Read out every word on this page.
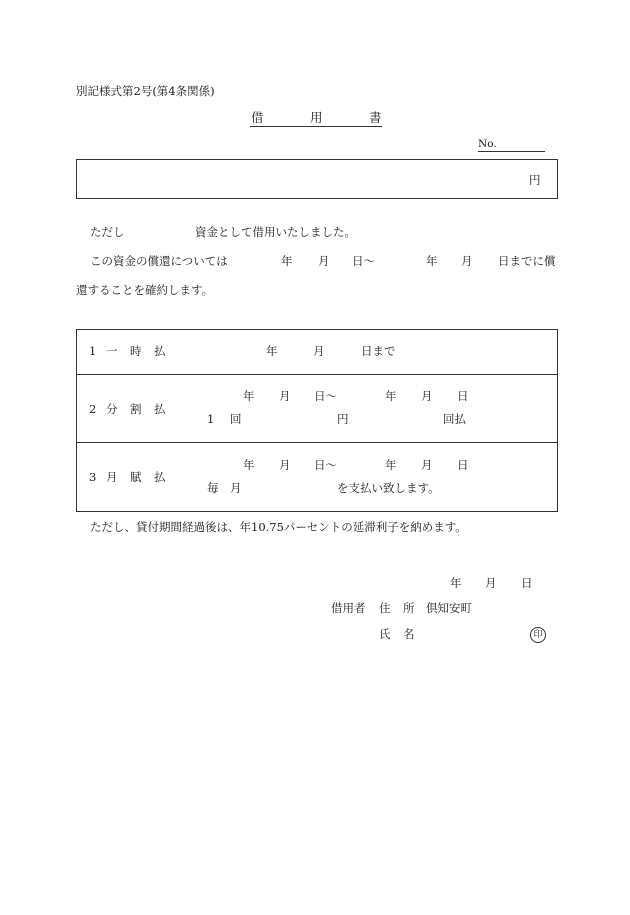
別記様式第2号(第4条関係)
借	用	書
No.
円
ただし	資金として借用いたしました。
この資金の償還については	年 月 日〜	年 月 日までに償
還することを確約します。
1 一 時 払	年	月	日まで
2 分 割 払
年 月 日〜	年 月 日
1 回	円	回払
3 月 賦 払
年 月 日〜	年 月 日
毎 月	を支払い致します。
ただし、貸付期間経過後は、年10.75パーセントの延滞利子を納めます。
年 月 日
借用者 住 所 倶知安町
氏 名	印
